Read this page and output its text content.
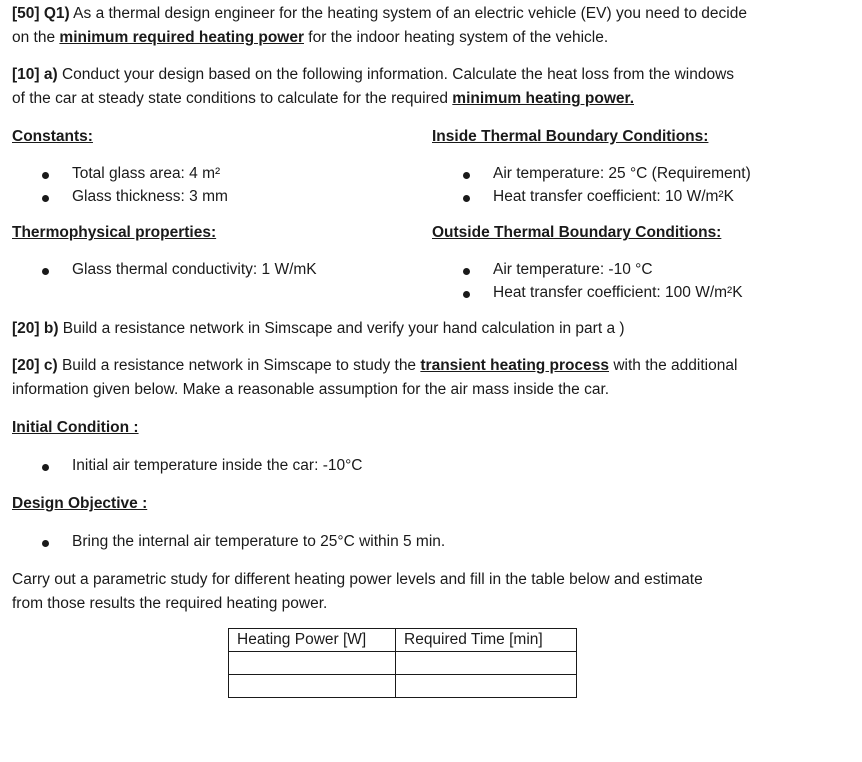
[50] Q1) As a thermal design engineer for the heating system of an electric vehicle (EV) you need to decide
on the minimum required heating power for the indoor heating system of the vehicle.
[10] a) Conduct your design based on the following information. Calculate the heat loss from the windows
of the car at steady state conditions to calculate for the required minimum heating power.
Constants:	Inside Thermal Boundary Conditions:
Total glass area: 4 m²
Glass thickness: 3 mm
Air temperature: 25 °C (Requirement)
Heat transfer coefficient: 10 W/m²K
Thermophysical properties:	Outside Thermal Boundary Conditions:
Glass thermal conductivity: 1 W/mK	Air temperature: -10 °C
Heat transfer coefficient: 100 W/m²K
[20] b) Build a resistance network in Simscape and verify your hand calculation in part a )
[20] c) Build a resistance network in Simscape to study the transient heating process with the additional
information given below. Make a reasonable assumption for the air mass inside the car.
Initial Condition :
Initial air temperature inside the car: -10°C
Design Objective :
Bring the internal air temperature to 25°C within 5 min.
Carry out a parametric study for different heating power levels and fill in the table below and estimate
from those results the required heating power.
Heating Power [W]	Required Time [min]
